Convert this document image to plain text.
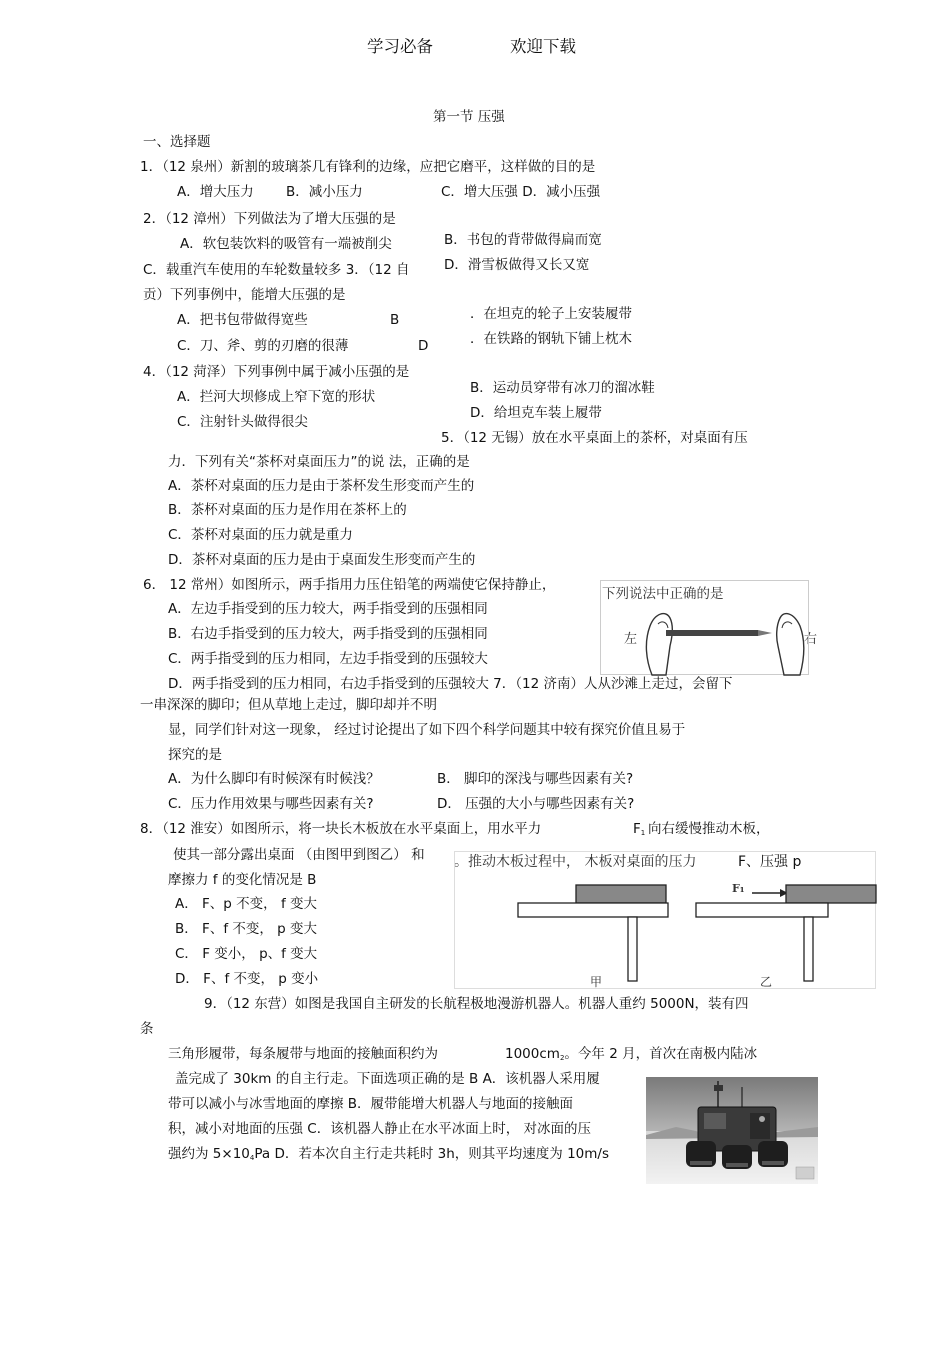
学习必备	欢迎下载
第一节 压强
一、选择题
1．（12 泉州）新割的玻璃茶几有锋利的边缘，应把它磨平，这样做的目的是
A．增大压力 B．减小压力	C．增大压强 D．减小压强
2．（12 漳州）下列做法为了增大压强的是
A．软包装饮料的吸管有一端被削尖	B．书包的背带做得扁而宽
C．载重汽车使用的车轮数量较多 3．（12 自	D．滑雪板做得又长又宽
贡）下列事例中，能增大压强的是
A．把书包带做得宽些	B	．在坦克的轮子上安装履带
C．刀、斧、剪的刃磨的很薄	D	．在铁路的钢轨下铺上枕木
4．（12 菏泽）下列事例中属于减小压强的是
A．拦河大坝修成上窄下宽的形状
B．运动员穿带有冰刀的溜冰鞋
C．注射针头做得很尖
D．给坦克车装上履带
5．（12 无锡）放在水平桌面上的茶杯，对桌面有压
力．下列有关“茶杯对桌面压力”的说 法，正确的是
A．茶杯对桌面的压力是由于茶杯发生形变而产生的
B．茶杯对桌面的压力是作用在茶杯上的
C．茶杯对桌面的压力就是重力
D．茶杯对桌面的压力是由于桌面发生形变而产生的
6． 12 常州）如图所示，两手指用力压住铅笔的两端使它保持静止，
下列说法中正确的是
左	右
A．左边手指受到的压力较大，两手指受到的压强相同
B．右边手指受到的压力较大，两手指受到的压强相同
C．两手指受到的压力相同，左边手指受到的压强较大
D．两手指受到的压力相同，右边手指受到的压强较大 7．（12 济南）人从沙滩上走过，会留下
一串深深的脚印；但从草地上走过，脚印却并不明
显，同学们针对这一现象， 经过讨论提出了如下四个科学问题其中较有探究价值且易于
探究的是
A．为什么脚印有时候深有时候浅？	B． 脚印的深浅与哪些因素有关?
C．压力作用效果与哪些因素有关?	D． 压强的大小与哪些因素有关?
8．（12 淮安）如图所示，将一块长木板放在水平桌面上，用水平力	$F_1$ 向右缓慢推动木板，
使其一部分露出桌面 （由图甲到图乙） 和
摩擦力 f 的变化情况是 B
。推动木板过程中， 木板对桌面的压力	F、压强 p
F₁
甲	乙
A． F、p 不变， f 变大
B． F、f 不变， p 变大
C． F 变小， p、f 变大
D． F、f 不变， p 变小
9．（12 东营）如图是我国自主研发的长航程极地漫游机器人。机器人重约 5000N，装有四
条
三角形履带，每条履带与地面的接触面积约为	$1000cm_2$。今年 2 月，首次在南极内陆冰
盖完成了 30km 的自主行走。下面选项正确的是 B A．该机器人采用履
带可以减小与冰雪地面的摩擦 B．履带能增大机器人与地面的接触面
积，减小对地面的压强 C．该机器人静止在水平冰面上时， 对冰面的压
强约为 $5\times 10_4Pa$ D．若本次自主行走共耗时 3h，则其平均速度为 10m/s
